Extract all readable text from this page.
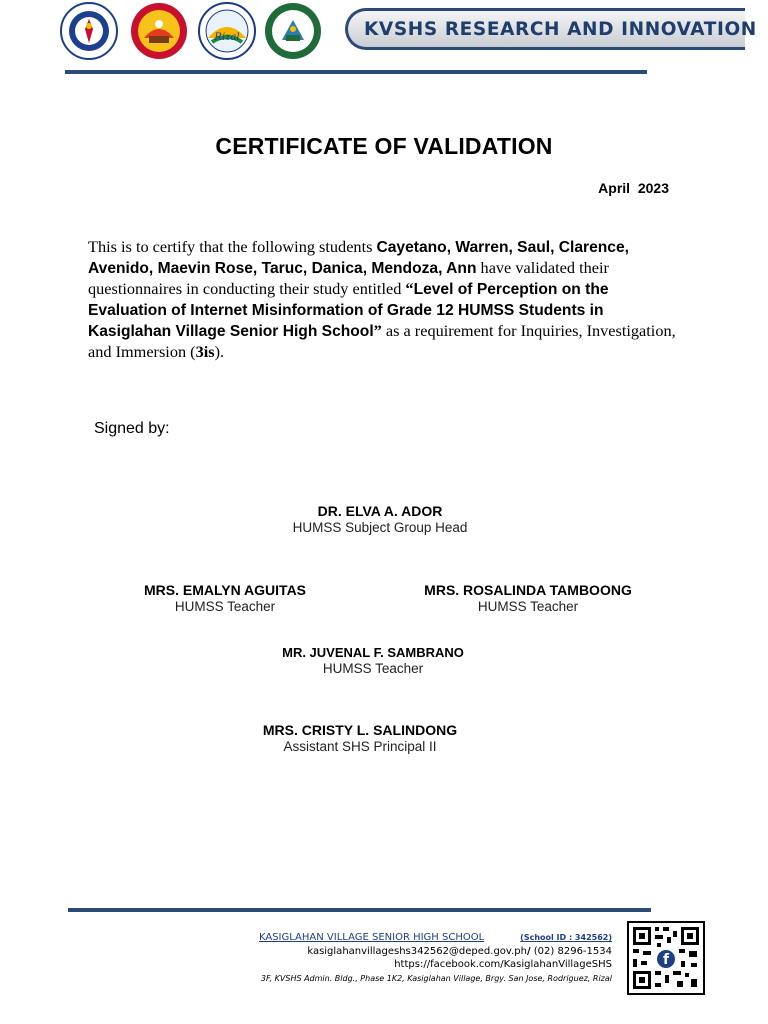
Rizal	KVSHS RESEARCH AND INNOVATION
CERTIFICATE OF VALIDATION
April  2023
This is to certify that the following students Cayetano, Warren, Saul, Clarence, Avenido, Maevin Rose, Taruc, Danica, Mendoza, Ann have validated their questionnaires in conducting their study entitled “Level of Perception on the Evaluation of Internet Misinformation of Grade 12 HUMSS Students in Kasiglahan Village Senior High School” as a requirement for Inquiries, Investigation, and Immersion (3is).
Signed by:
DR. ELVA A. ADOR
HUMSS Subject Group Head
MRS. EMALYN AGUITAS
HUMSS Teacher
MRS. ROSALINDA TAMBOONG
HUMSS Teacher
MR. JUVENAL F. SAMBRANO
HUMSS Teacher
MRS. CRISTY L. SALINDONG
Assistant SHS Principal II
KASIGLAHAN VILLAGE SENIOR HIGH SCHOOL	(School ID : 342562)
kasiglahanvillageshs342562@deped.gov.ph/ (02) 8296-1534
https://facebook.com/KasiglahanVillageSHS
3F, KVSHS Admin. Bldg., Phase 1K2, Kasiglahan Village, Brgy. San Jose, Rodriguez, Rizal
f
